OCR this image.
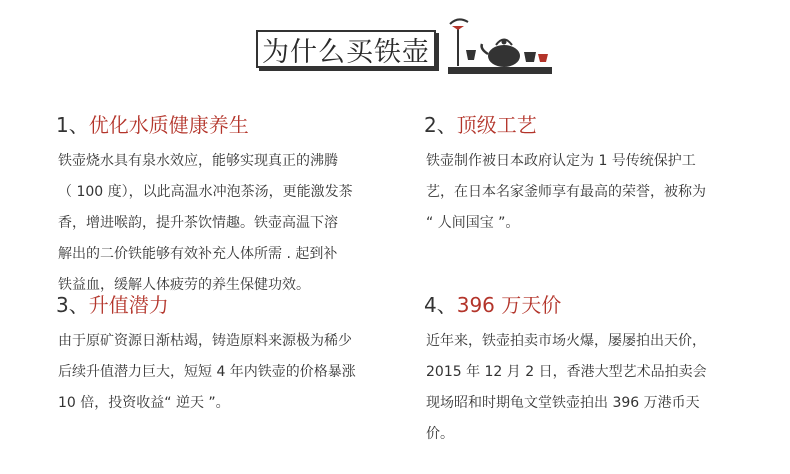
为什么买铁壶
1、优化水质健康养生
铁壶烧水具有泉水效应，能够实现真正的沸腾
（ 100 度），以此高温水冲泡茶汤，更能激发茶
香，增进喉韵，提升茶饮情趣。铁壶高温下溶
解出的二价铁能够有效补充人体所需 . 起到补
铁益血，缓解人体疲劳的养生保健功效。
2、顶级工艺
铁壶制作被日本政府认定为 1 号传统保护工
艺，在日本名家釜师享有最高的荣誉，被称为
“ 人间国宝 ”。
3、升值潜力
由于原矿资源日渐枯竭，铸造原料来源极为稀少
后续升值潜力巨大，短短 4 年内铁壶的价格暴涨
10 倍，投资收益“ 逆天 ”。
4、396 万天价
近年来，铁壶拍卖市场火爆，屡屡拍出天价，
2015 年 12 月 2 日，香港大型艺术品拍卖会
现场昭和时期龟文堂铁壶拍出 396 万港币天
价。
